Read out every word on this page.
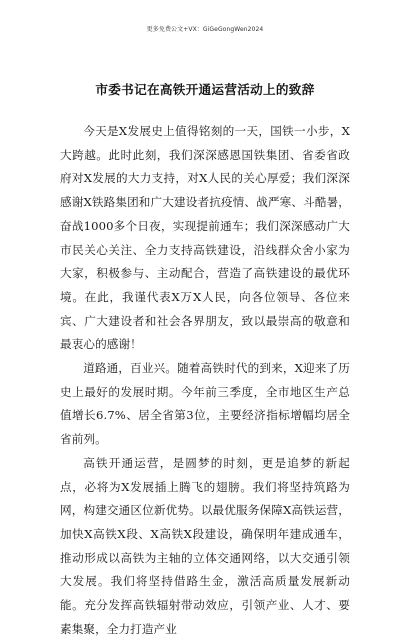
更多免费公文+VX：GiGeGongWen2024
市委书记在高铁开通运营活动上的致辞

今天是X发展史上值得铭刻的一天，国铁一小步，X大跨越。此时此刻，我们深深感恩国铁集团、省委省政府对X发展的大力支持，对X人民的关心厚爱；我们深深感谢X铁路集团和广大建设者抗疫情、战严寒、斗酷暑，奋战1000多个日夜，实现提前通车；我们深深感动广大市民关心关注、全力支持高铁建设，沿线群众舍小家为大家，积极参与、主动配合，营造了高铁建设的最优环境。在此，我谨代表X万X人民，向各位领导、各位来宾、广大建设者和社会各界朋友，致以最崇高的敬意和最衷心的感谢！

道路通，百业兴。随着高铁时代的到来，X迎来了历史上最好的发展时期。今年前三季度，全市地区生产总值增长6.7%、居全省第3位，主要经济指标增幅均居全省前列。

高铁开通运营，是圆梦的时刻，更是追梦的新起点，必将为X发展插上腾飞的翅膀。我们将坚持筑路为网，构建交通区位新优势。以最优服务保障X高铁运营，加快X高铁X段、X高铁X段建设，确保明年建成通车，推动形成以高铁为主轴的立体交通网络，以大交通引领大发展。我们将坚持借路生金，激活高质量发展新动能。充分发挥高铁辐射带动效应，引领产业、人才、要素集聚，全力打造产业
